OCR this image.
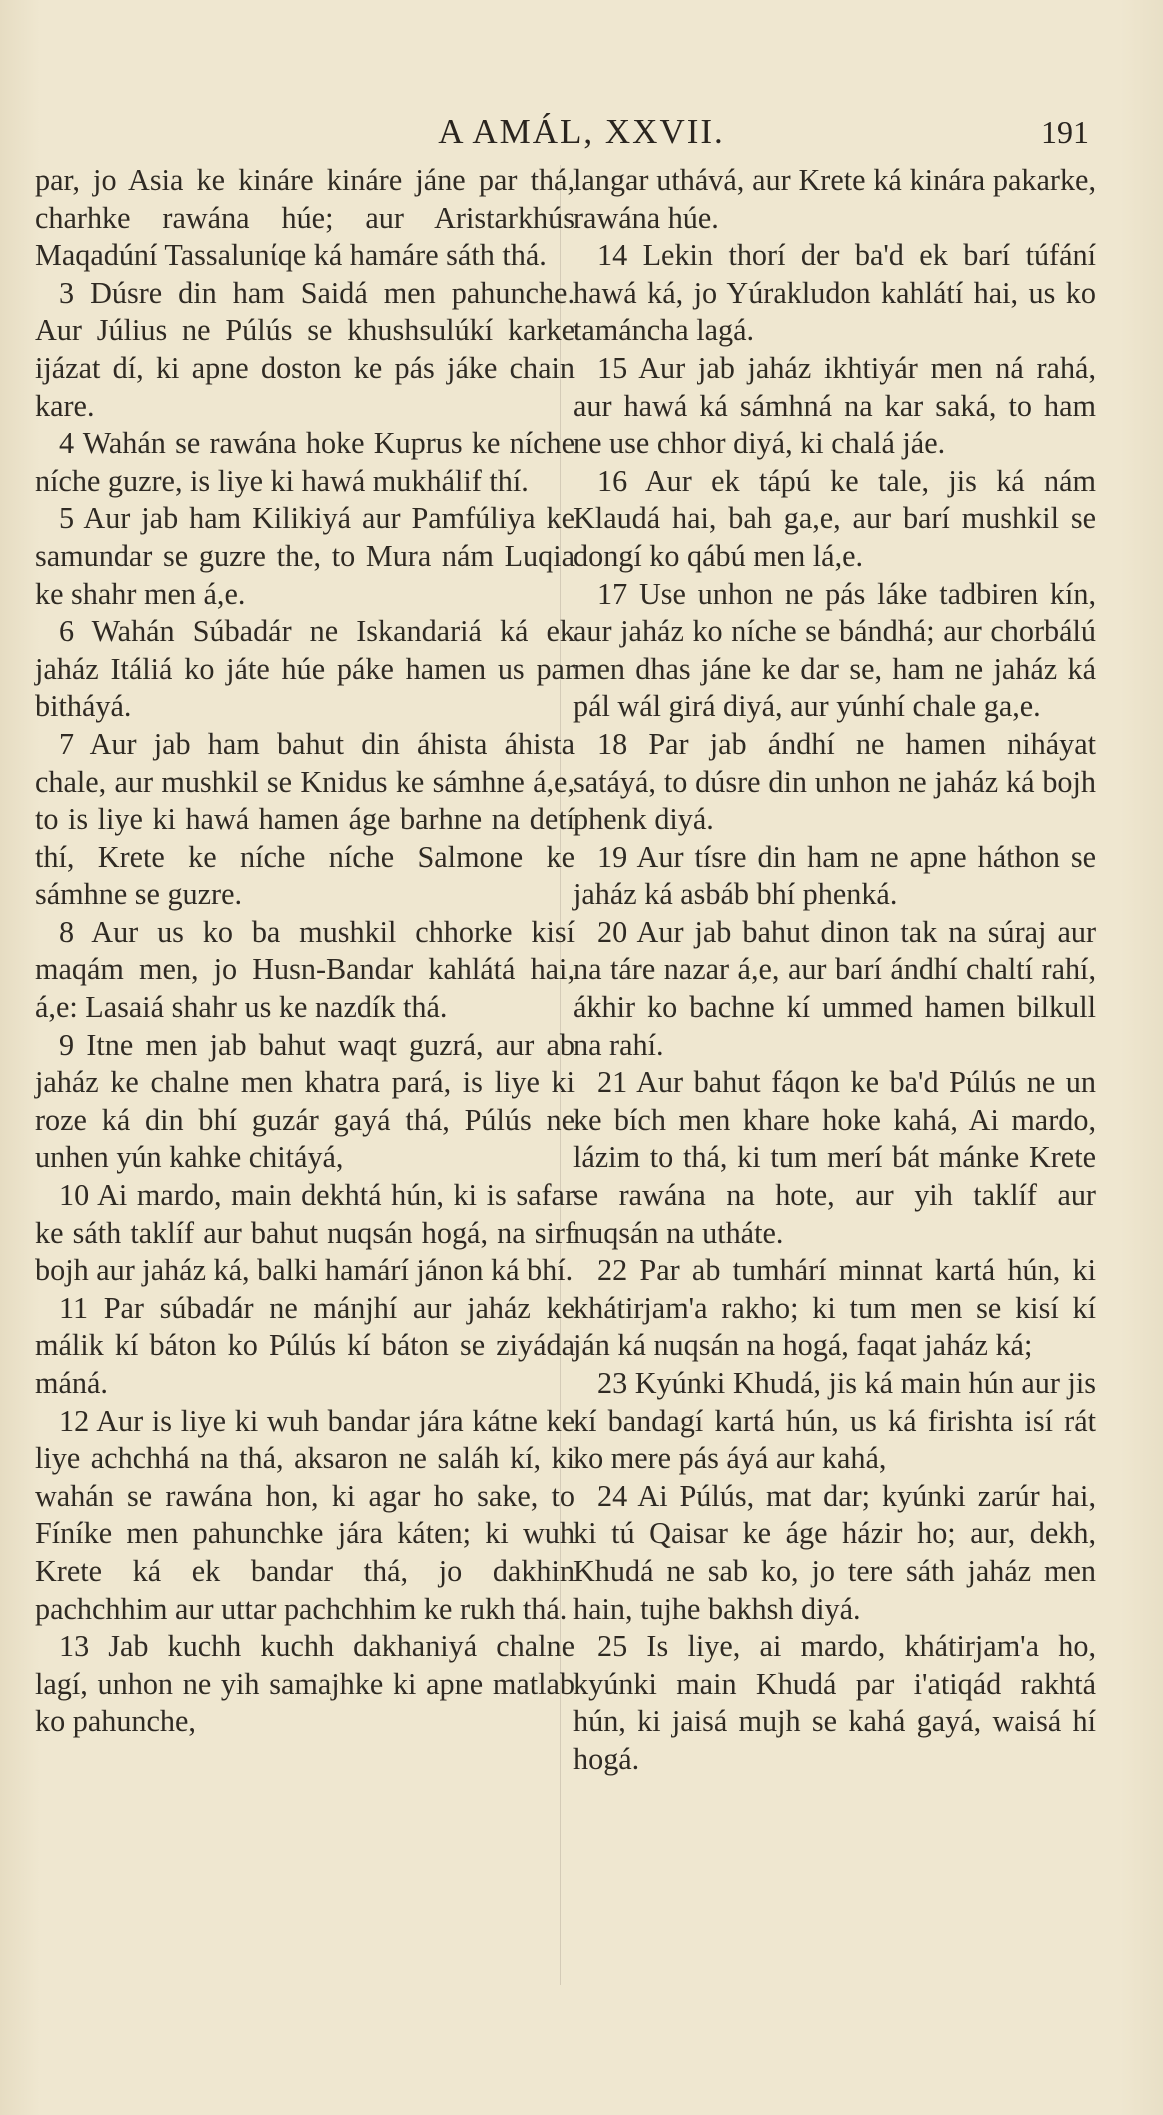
A AMÁL, XXVII.	191

par, jo Asia ke kináre kináre jáne par thá, charhke rawána húe; aur Aristarkhús Maqadúní Tassalunίqe ká hamáre sáth thá.

3 Dúsre din ham Saidá men pahunche. Aur Július ne Púlús se khushsulúkí karke ijázat dí, ki apne doston ke pás jáke chain kare.

4 Wahán se rawána hoke Kuprus ke níche níche guzre, is liye ki hawá mukhálif thí.

5 Aur jab ham Kilikiyá aur Pamfúliya ke samundar se guzre the, to Mura nám Luqia ke shahr men á,e.

6 Wahán Súbadár ne Iskandariá ká ek jaház Itáliá ko játe húe páke hamen us par bitháyá.

7 Aur jab ham bahut din áhista áhista chale, aur mushkil se Knidus ke sámhne á,e, to is liye ki hawá hamen áge barhne na detí thí, Krete ke níche níche Salmone ke sámhne se guzre.

8 Aur us ko ba mushkil chhorke kisí maqám men, jo Husn-Bandar kahlátá hai, á,e: Lasaiá shahr us ke nazdík thá.

9 Itne men jab bahut waqt guzrá, aur ab jaház ke chalne men khatra pará, is liye ki roze ká din bhí guzár gayá thá, Púlús ne unhen yún kahke chitáyá,

10 Ai mardo, main dekhtá hún, ki is safar ke sáth taklíf aur bahut nuqsán hogá, na sirf bojh aur jaház ká, balki hamárí jánon ká bhí.

11 Par súbadár ne mánjhí aur jaház ke málik kí báton ko Púlús kí báton se ziyáda máná.

12 Aur is liye ki wuh bandar jára kátne ke liye achchhá na thá, aksaron ne saláh kí, ki wahán se rawána hon, ki agar ho sake, to Fíníke men pahunchke jára káten; ki wuh Krete ká ek bandar thá, jo dakhin pachchhim aur uttar pachchhim ke rukh thá.

13 Jab kuchh kuchh dakhaniyá chalne lagí, unhon ne yih samajhke ki apne matlab ko pahunche,

langar uthává, aur Krete ká kinára pakarke, rawána húe.

14 Lekin thorí der ba'd ek barí túfání hawá ká, jo Yúrakludon kahlátí hai, us ko tamáncha lagá.

15 Aur jab jaház ikhtiyár men ná rahá, aur hawá ká sámhná na kar saká, to ham ne use chhor diyá, ki chalá jáe.

16 Aur ek tápú ke tale, jis ká nám Klaudá hai, bah ga,e, aur barí mushkil se dongí ko qábú men lá,e.

17 Use unhon ne pás láke tadbiren kín, aur jaház ko níche se bándhá; aur chorbálú men dhas jáne ke dar se, ham ne jaház ká pál wál girá diyá, aur yúnhí chale ga,e.

18 Par jab ándhí ne hamen niháyat satáyá, to dúsre din unhon ne jaház ká bojh phenk diyá.

19 Aur tísre din ham ne apne háthon se jaház ká asbáb bhí phenká.

20 Aur jab bahut dinon tak na súraj aur na táre nazar á,e, aur barí ándhí chaltí rahí, ákhir ko bachne kí ummed hamen bilkull na rahí.

21 Aur bahut fáqon ke ba'd Púlús ne un ke bích men khare hoke kahá, Ai mardo, lázim to thá, ki tum merí bát mánke Krete se rawána na hote, aur yih taklíf aur nuqsán na utháte.

22 Par ab tumhárí minnat kartá hún, ki khátirjam'a rakho; ki tum men se kisí kí ján ká nuqsán na hogá, faqat jaház ká;

23 Kyúnki Khudá, jis ká main hún aur jis kí bandagí kartá hún, us ká firishta isí rát ko mere pás áyá aur kahá,

24 Ai Púlús, mat dar; kyúnki zarúr hai, ki tú Qaisar ke áge házir ho; aur, dekh, Khudá ne sab ko, jo tere sáth jaház men hain, tujhe bakhsh diyá.

25 Is liye, ai mardo, khátirjam'a ho, kyúnki main Khudá par i'atiqád rakhtá hún, ki jaisá mujh se kahá gayá, waisá hí hogá.
